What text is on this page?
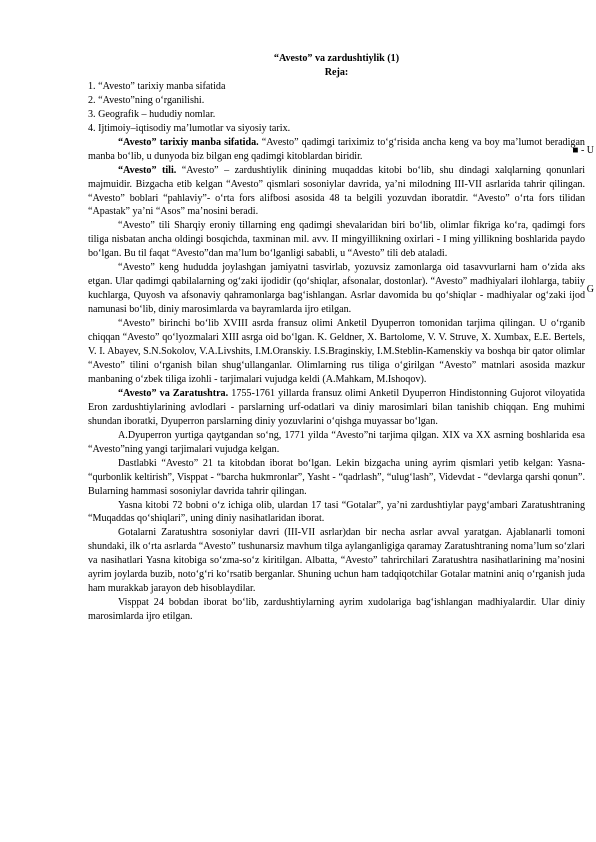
■ - U
G
“Avesto” va zardushtiylik (1)
Reja:
1. “Avesto” tarixiy manba sifatida
2. “Avesto”ning o‘rganilishi.
3. Geografik – hududiy nomlar.
4. Ijtimoiy–iqtisodiy ma’lumotlar va siyosiy tarix.

“Avesto” tarixiy manba sifatida. “Avesto” qadimgi tariximiz to‘g‘risida ancha keng va boy ma’lumot beradigan manba bo‘lib, u dunyoda biz bilgan eng qadimgi kitoblardan biridir.

“Avesto” tili. “Avesto” – zardushtiylik dinining muqaddas kitobi bo‘lib, shu dindagi xalqlarning qonunlari majmuidir. Bizgacha etib kelgan “Avesto” qismlari sosoniylar davrida, ya’ni milodning III-VII asrlarida tahrir qilingan. “Avesto” boblari “pahlaviy”- o‘rta fors alifbosi asosida 48 ta belgili yozuvdan iboratdir. “Avesto” o‘rta fors tilidan “Apastak” ya’ni “Asos” ma’nosini beradi.

“Avesto” tili Sharqiy eroniy tillarning eng qadimgi shevalaridan biri bo‘lib, olimlar fikriga ko‘ra, qadimgi fors tiliga nisbatan ancha oldingi bosqichda, taxminan mil. avv. II mingyillikning oxirlari - I ming yillikning boshlarida paydo bo‘lgan. Bu til faqat “Avesto”dan ma’lum bo‘lganligi sababli, u “Avesto” tili deb ataladi.

“Avesto” keng hududda joylashgan jamiyatni tasvirlab, yozuvsiz zamonlarga oid tasavvurlarni ham o‘zida aks etgan. Ular qadimgi qabilalarning og‘zaki ijodidir (qo‘shiqlar, afsonalar, dostonlar). “Avesto” madhiyalari ilohlarga, tabiiy kuchlarga, Quyosh va afsonaviy qahramonlarga bag‘ishlangan. Asrlar davomida bu qo‘shiqlar - madhiyalar og‘zaki ijod namunasi bo‘lib, diniy marosimlarda va bayramlarda ijro etilgan.

“Avesto” birinchi bo‘lib XVIII asrda fransuz olimi Anketil Dyuperron tomonidan tarjima qilingan. U o‘rganib chiqqan “Avesto” qo‘lyozmalari XIII asrga oid bo‘lgan. K. Geldner, X. Bartolome, V. V. Struve, X. Xumbax, E.E. Bertels, V. I. Abayev, S.N.Sokolov, V.A.Livshits, I.M.Oranskiy. I.S.Braginskiy, I.M.Steblin-Kamenskiy va boshqa bir qator olimlar “Avesto” tilini o‘rganish bilan shug‘ullanganlar. Olimlarning rus tiliga o‘girilgan “Avesto” matnlari asosida mazkur manbaning o‘zbek tiliga izohli - tarjimalari vujudga keldi (A.Mahkam, M.Ishoqov).

“Avesto” va Zaratushtra. 1755-1761 yillarda fransuz olimi Anketil Dyuperron Hindistonning Gujorot viloyatida Eron zardushtiylarining avlodlari - parslarning urf-odatlari va diniy marosimlari bilan tanishib chiqqan. Eng muhimi shundan iboratki, Dyuperron parslarning diniy yozuvlarini o‘qishga muyassar bo‘lgan.

A.Dyuperron yurtiga qaytgandan so‘ng, 1771 yilda “Avesto”ni tarjima qilgan. XIX va XX asrning boshlarida esa “Avesto”ning yangi tarjimalari vujudga kelgan.

Dastlabki “Avesto” 21 ta kitobdan iborat bo‘lgan. Lekin bizgacha uning ayrim qismlari yetib kelgan: Yasna- “qurbonlik keltirish”, Vispрat - “barcha hukmronlar”, Yasht - “qadrlash”, “ulug‘lash”, Videvdat - “devlarga qarshi qonun”. Bularning hammasi sosoniylar davrida tahrir qilingan.

Yasna kitobi 72 bobni o‘z ichiga olib, ulardan 17 tasi “Gotalar”, ya’ni zardushtiylar payg‘ambari Zaratushtraning “Muqaddas qo‘shiqlari”, uning diniy nasihatlaridan iborat.

Gotalarni Zaratushtra sosoniylar davri (III-VII asrlar)dan bir necha asrlar avval yaratgan. Ajablanarli tomoni shundaki, ilk o‘rta asrlarda “Avesto” tushunarsiz mavhum tilga aylanganligiga qaramay Zaratushtraning noma’lum so‘zlari va nasihatlari Yasna kitobiga so‘zma-so‘z kiritilgan. Albatta, “Avesto” tahrirchilari Zaratushtra nasihatlarining ma’nosini ayrim joylarda buzib, noto‘g‘ri ko‘rsatib berganlar. Shuning uchun ham tadqiqotchilar Gotalar matnini aniq o‘rganish juda ham murakkab jarayon deb hisoblaydilar.

Vispрat 24 bobdan iborat bo‘lib, zardushtiylarning ayrim xudolariga bag‘ishlangan madhiyalardir. Ular diniy marosimlarda ijro etilgan.
